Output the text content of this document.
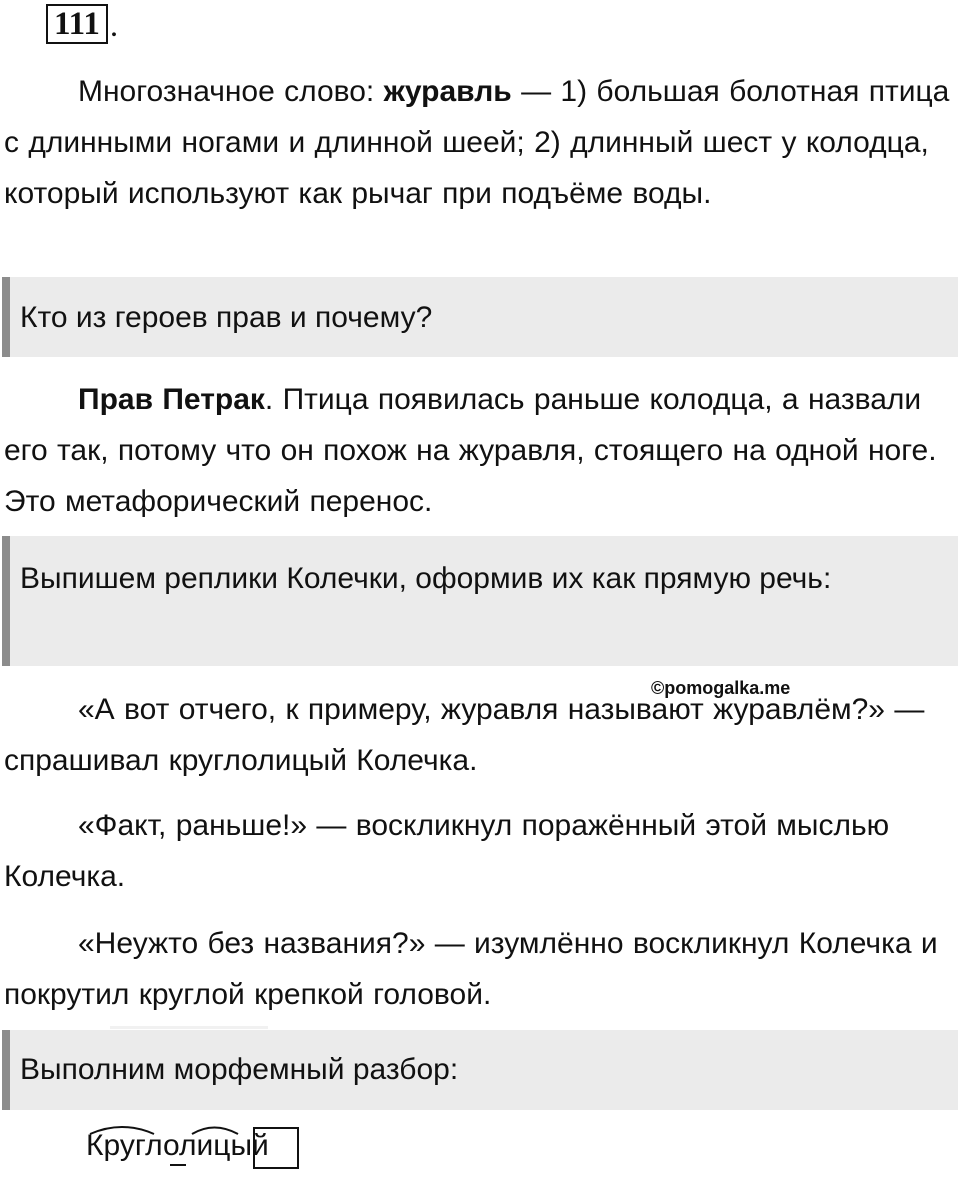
111 .

Многозначное слово: журавль — 1) большая болотная птица с длинными ногами и длинной шеей; 2) длинный шест у колодца, который используют как рычаг при подъёме воды.

Кто из героев прав и почему?

Прав Петрак. Птица появилась раньше колодца, а назвали его так, потому что он похож на журавля, стоящего на одной ноге. Это метафорический перенос.

Выпишем реплики Колечки, оформив их как прямую речь:

©pomogalka.me

«А вот отчего, к примеру, журавля называют журавлём?» — спрашивал круглолицый Колечка.

«Факт, раньше!» — воскликнул поражённый этой мыслью Колечка.

«Неужто без названия?» — изумлённо воскликнул Колечка и покрутил круглой крепкой головой.

Выполним морфемный разбор:

Круглолицый
